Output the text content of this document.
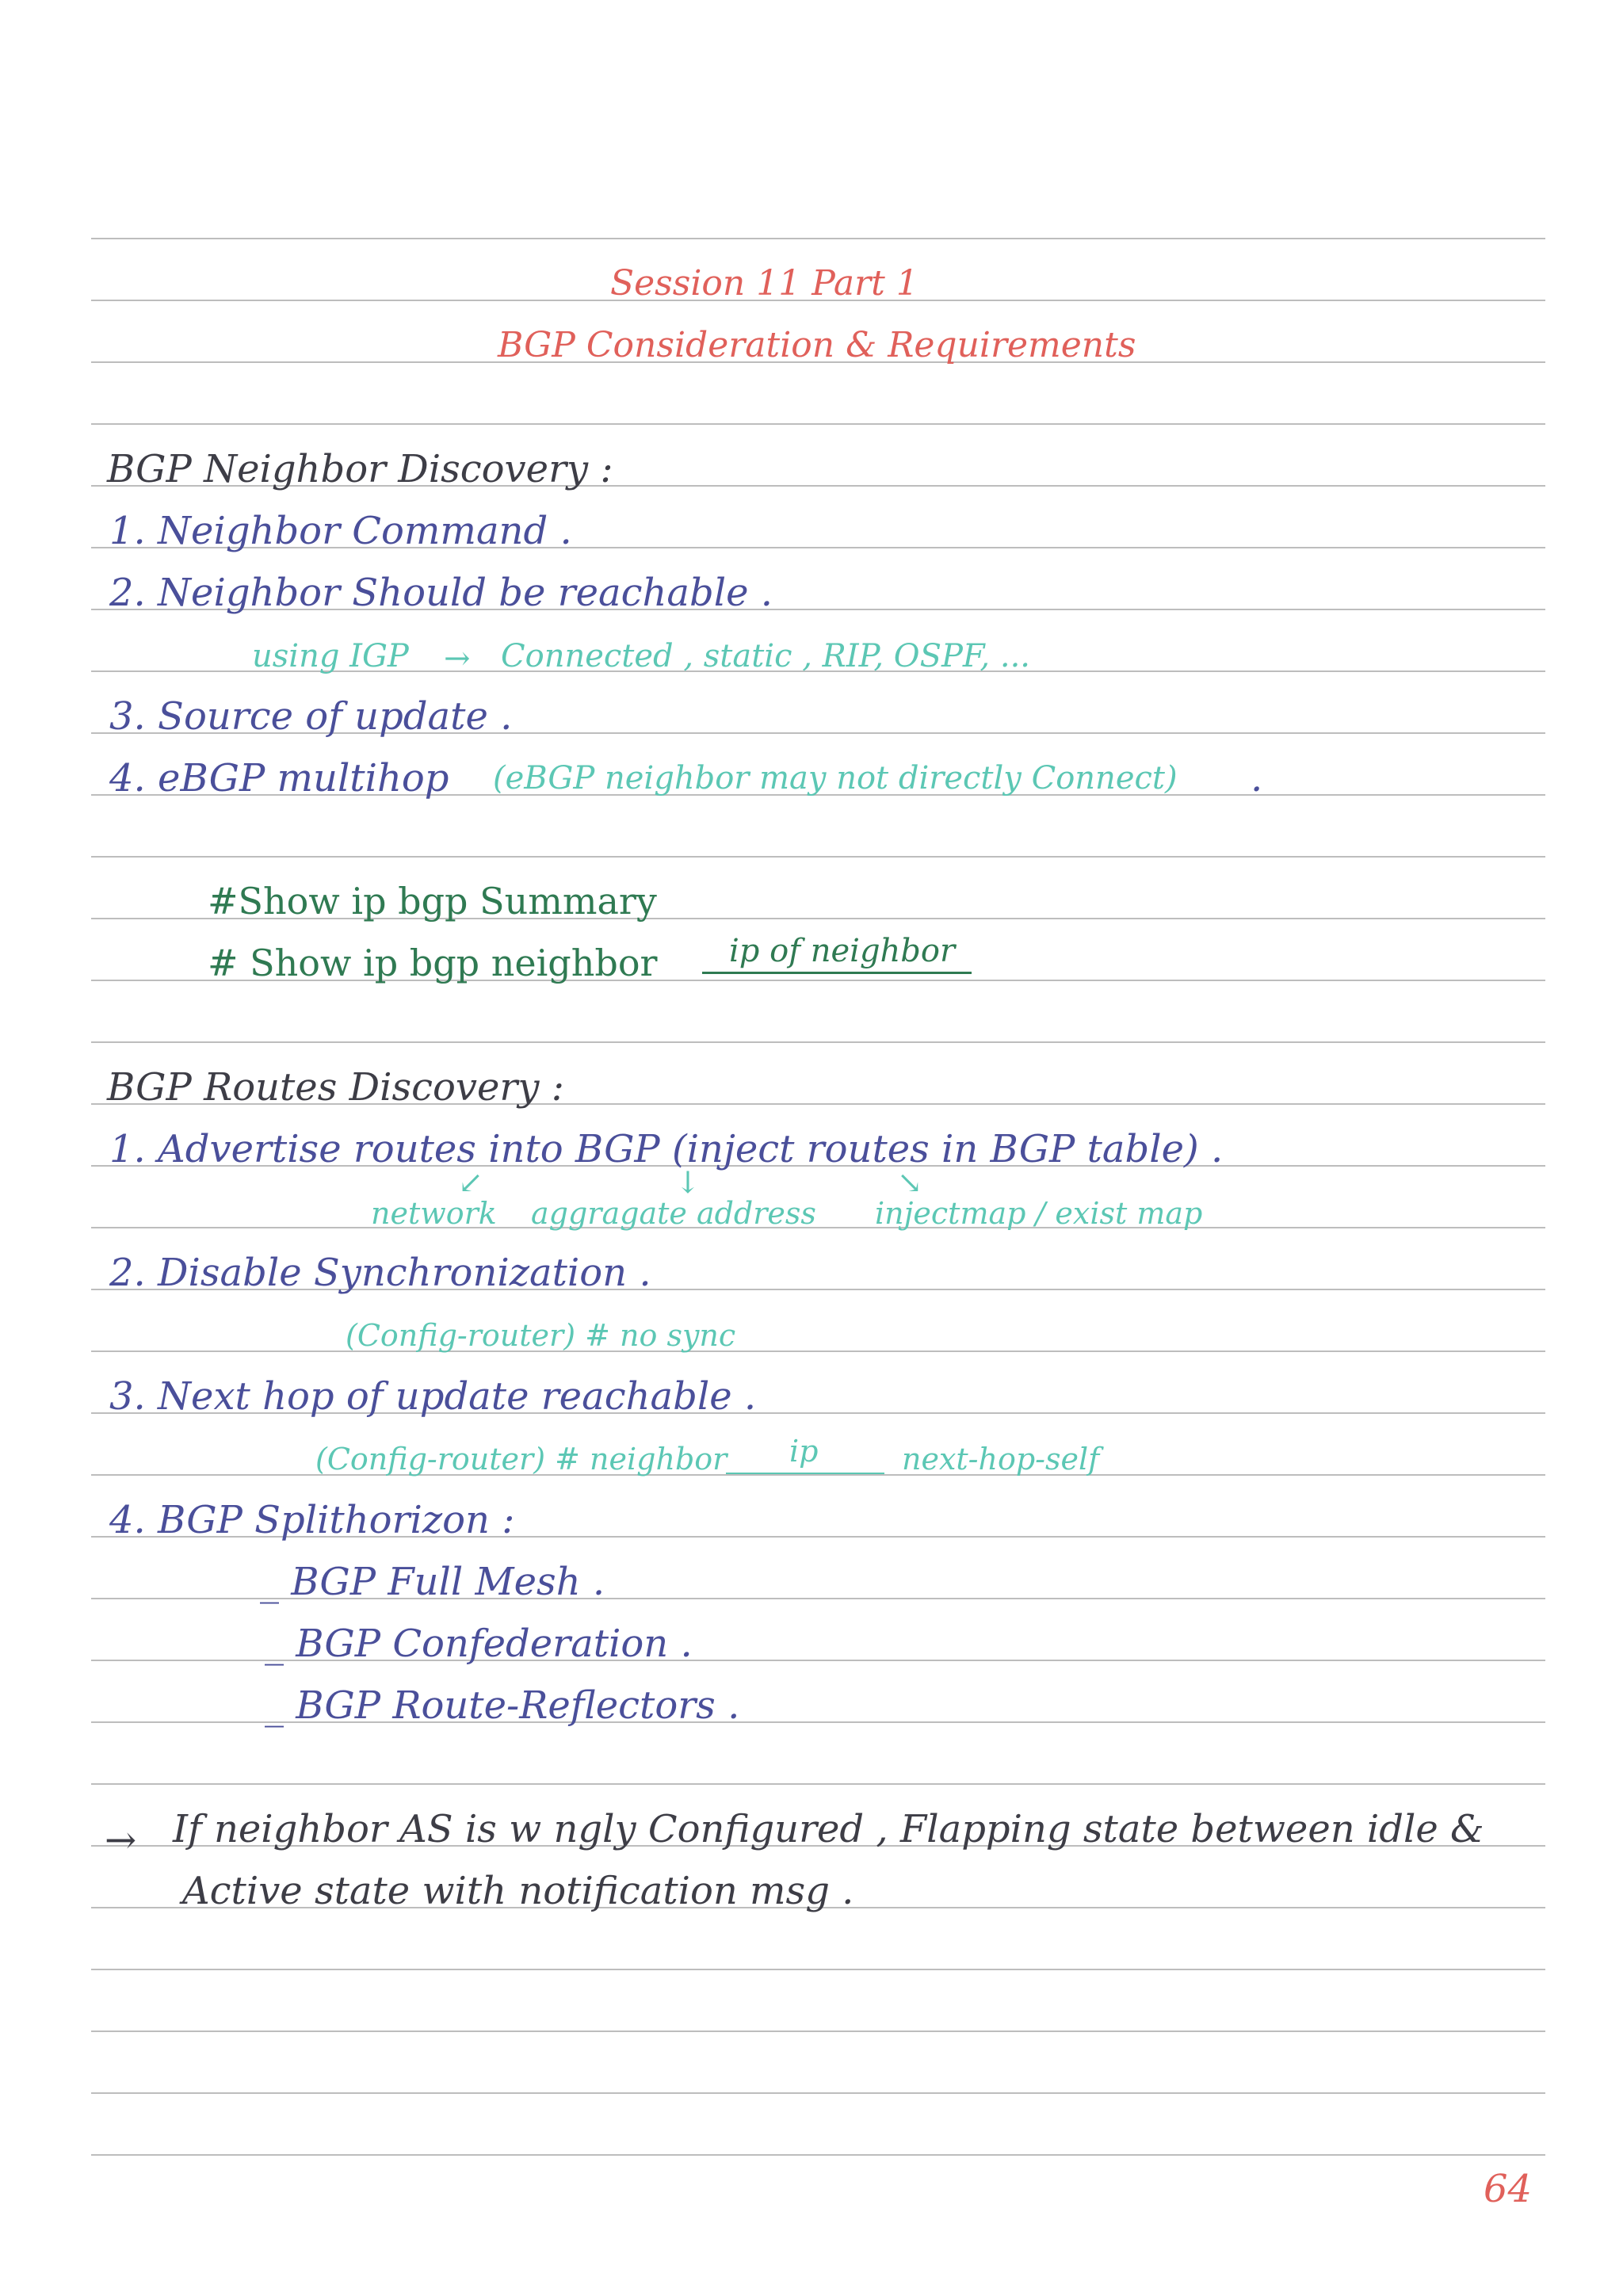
Session 11 Part 1
BGP Consideration & Requirements
BGP Neighbor Discovery :
1. Neighbor Command .
2. Neighbor Should be reachable .
using IGP → Connected , static , RIP, OSPF, ...
3. Source of update .
4. eBGP multihop (eBGP neighbor may not directly Connect) .
#Show ip bgp Summary
# Show ip bgp neighbor ip of neighbor
BGP Routes Discovery :
1. Advertise routes into BGP (inject routes in BGP table) .
↙	↓	↘
network aggragate address injectmap / exist map
2. Disable Synchronization .
(Config-router) # no sync
3. Next hop of update reachable .
(Config-router) # neighbor ip	next-hop-self
4. BGP Splithorizon :
_ BGP Full Mesh .
_ BGP Confederation .
_ BGP Route-Reflectors .
→ If neighbor AS is w ngly Configured , Flapping state between idle &
Active state with notification msg .
64
